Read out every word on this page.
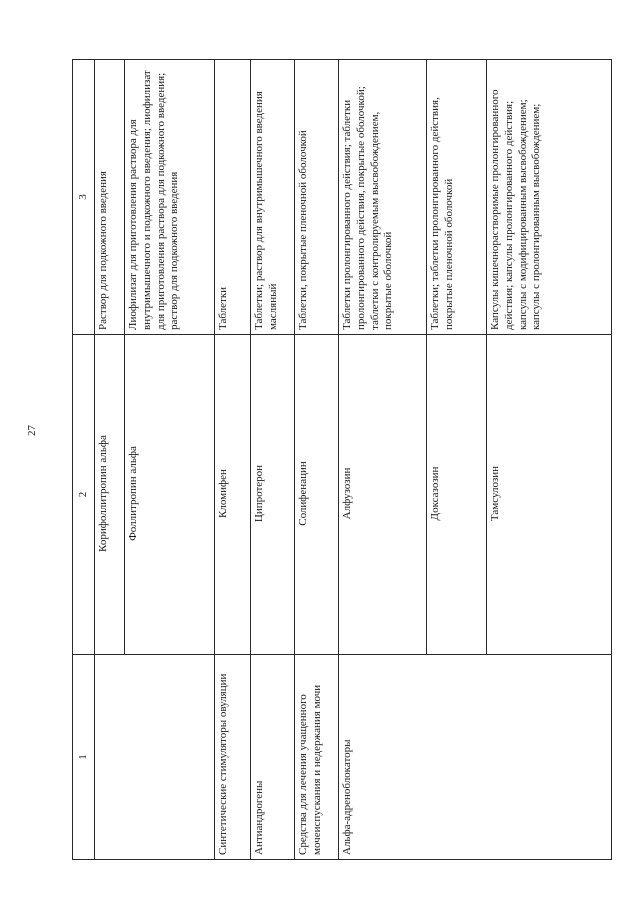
27
1	2	3
	Корифоллитропин альфа	Раствор для подкожного введения
	Фоллитропин альфа	Лиофилизат для приготовления раствора для внутримышечного и подкожного введения; лиофилизат для приготовления раствора для подкожного введения; раствор для подкожного введения
Синтетические стимуляторы овуляции	Кломифен	Таблетки
Антиандрогены	Ципротерон	Таблетки; раствор для внутримышечного введения масляный
Средства для лечения учащенного мочеиспускания и недержания мочи	Солифенацин	Таблетки, покрытые пленочной оболочкой
Альфа-адреноблокаторы	Алфузозин	Таблетки пролонгированного действия; таблетки пролонгированного действия, покрытые оболочкой; таблетки с контролируемым высвобождением, покрытые оболочкой
	Доксазозин	Таблетки; таблетки пролонгированного действия, покрытые пленочной оболочкой
	Тамсулозин	Капсулы кишечнорастворимые пролонгированного действия; капсулы пролонгированного действия; капсулы с модифицированным высвобождением; капсулы с пролонгированным высвобождением;
